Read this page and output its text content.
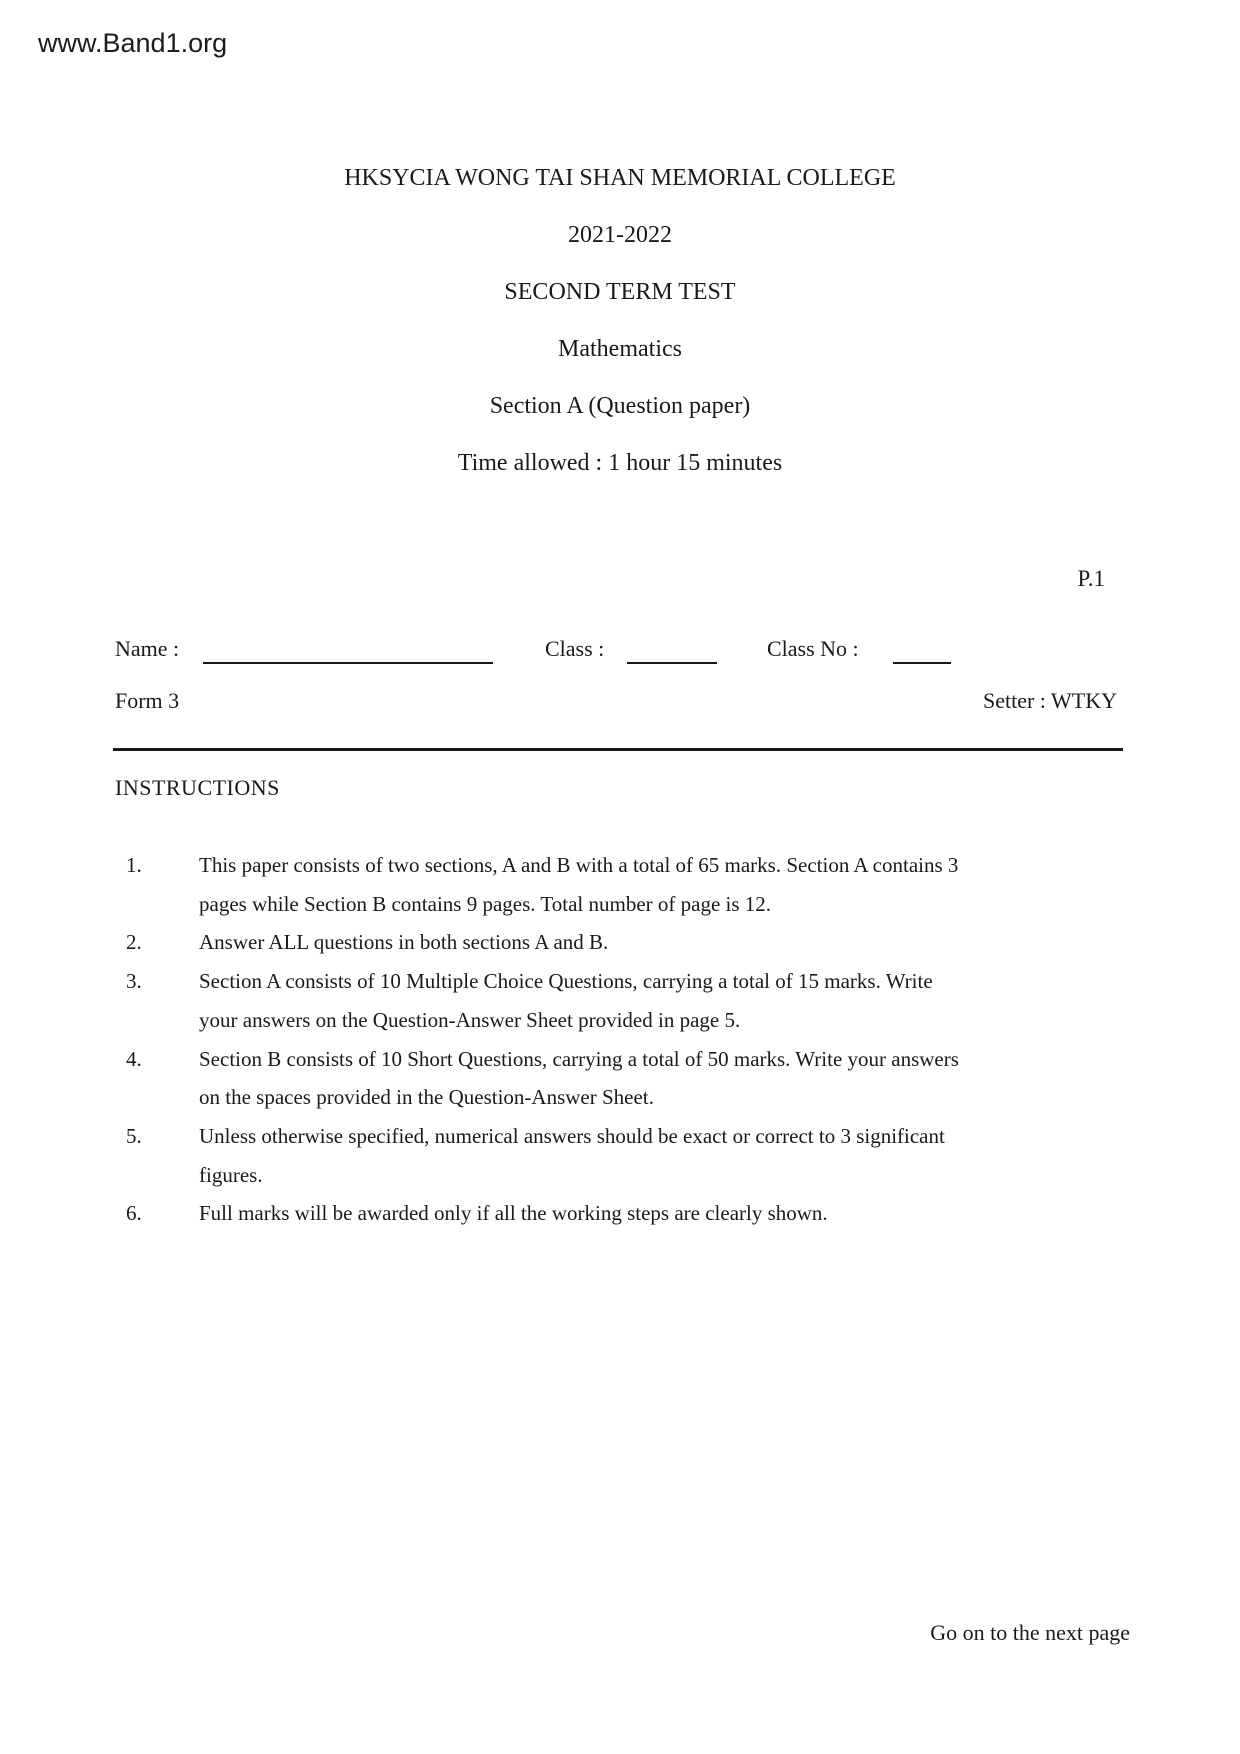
www.Band1.org
HKSYCIA WONG TAI SHAN MEMORIAL COLLEGE
2021-2022
SECOND TERM TEST
Mathematics
Section A (Question paper)
Time allowed : 1 hour 15 minutes
P.1
Name :	Class :	Class No :
Form 3	Setter : WTKY
INSTRUCTIONS
1.	This paper consists of two sections, A and B with a total of 65 marks. Section A contains 3
pages while Section B contains 9 pages. Total number of page is 12.
2.	Answer ALL questions in both sections A and B.
3.	Section A consists of 10 Multiple Choice Questions, carrying a total of 15 marks. Write
your answers on the Question-Answer Sheet provided in page 5.
4.	Section B consists of 10 Short Questions, carrying a total of 50 marks. Write your answers
on the spaces provided in the Question-Answer Sheet.
5.	Unless otherwise specified, numerical answers should be exact or correct to 3 significant
figures.
6.	Full marks will be awarded only if all the working steps are clearly shown.
Go on to the next page
